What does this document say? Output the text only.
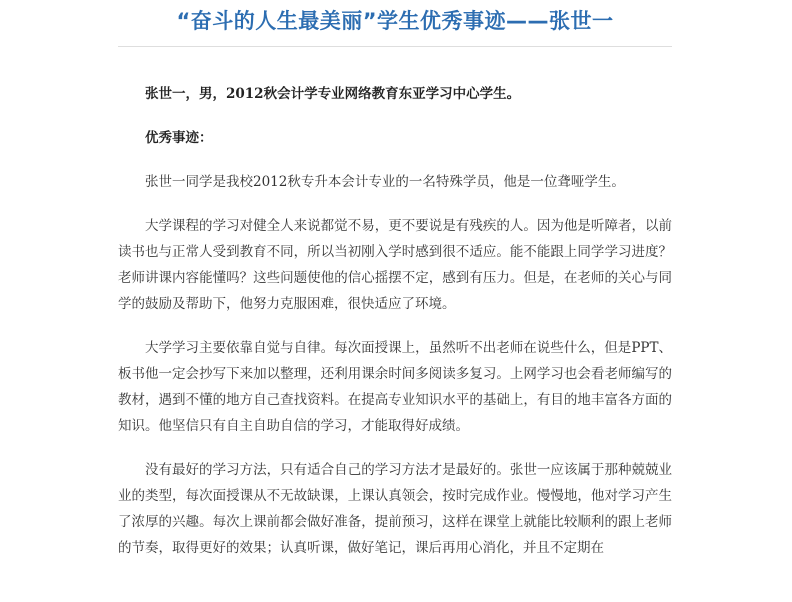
“奋斗的人生最美丽”学生优秀事迹——张世一

张世一，男，2012秋会计学专业网络教育东亚学习中心学生。

优秀事迹：

张世一同学是我校2012秋专升本会计专业的一名特殊学员，他是一位聋哑学生。

大学课程的学习对健全人来说都觉不易，更不要说是有残疾的人。因为他是听障者，以前读书也与正常人受到教育不同，所以当初刚入学时感到很不适应。能不能跟上同学学习进度？老师讲课内容能懂吗？这些问题使他的信心摇摆不定，感到有压力。但是，在老师的关心与同学的鼓励及帮助下，他努力克服困难，很快适应了环境。

大学学习主要依靠自觉与自律。每次面授课上，虽然听不出老师在说些什么，但是PPT、板书他一定会抄写下来加以整理，还利用课余时间多阅读多复习。上网学习也会看老师编写的教材，遇到不懂的地方自己查找资料。在提高专业知识水平的基础上，有目的地丰富各方面的知识。他坚信只有自主自助自信的学习，才能取得好成绩。

没有最好的学习方法，只有适合自己的学习方法才是最好的。张世一应该属于那种兢兢业业的类型，每次面授课从不无故缺课，上课认真领会，按时完成作业。慢慢地，他对学习产生了浓厚的兴趣。每次上课前都会做好准备，提前预习，这样在课堂上就能比较顺利的跟上老师的节奏，取得更好的效果；认真听课，做好笔记，课后再用心消化，并且不定期在
